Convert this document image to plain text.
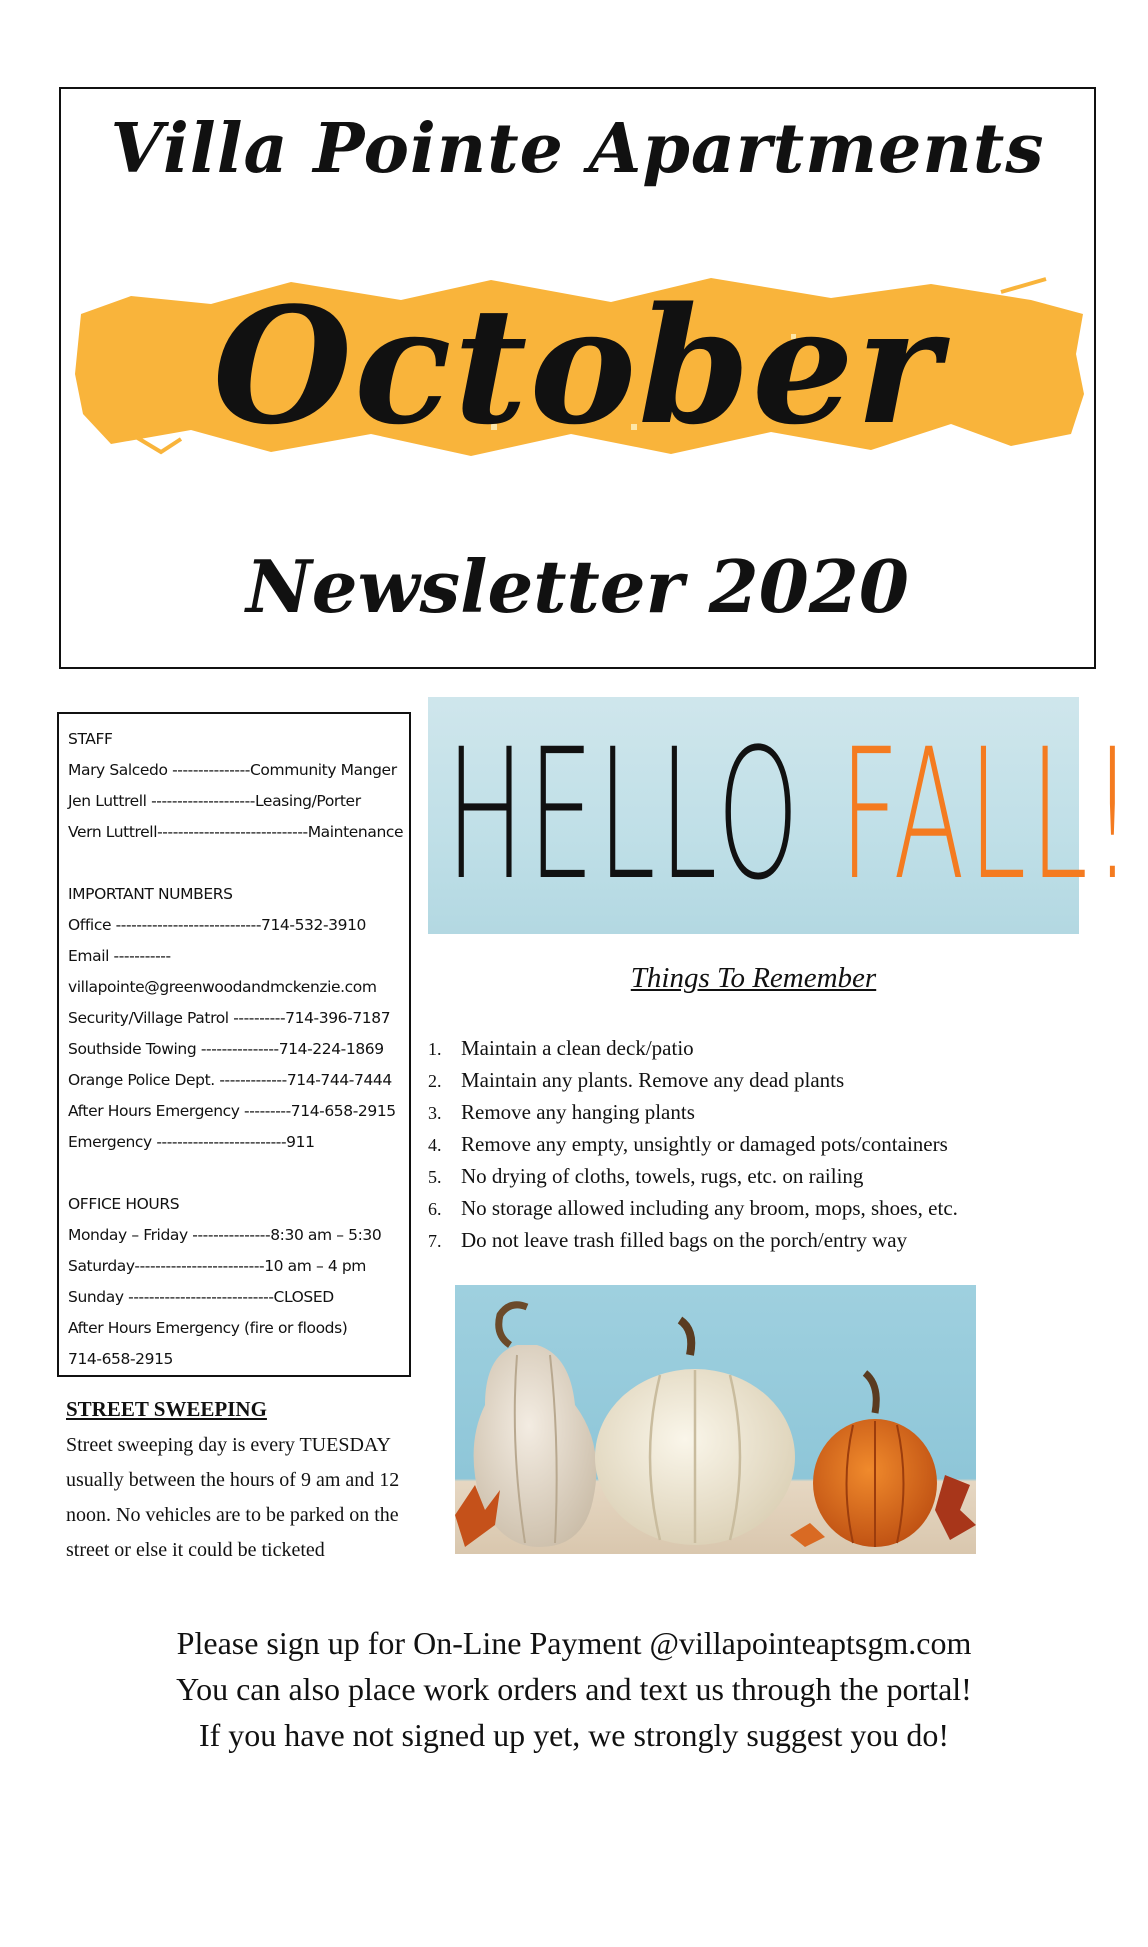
Villa Pointe Apartments
October
Newsletter 2020
STAFF
Mary Salcedo ---------------Community Manger
Jen Luttrell --------------------Leasing/Porter
Vern Luttrell-----------------------------Maintenance
IMPORTANT NUMBERS
Office ----------------------------714-532-3910
Email -----------
villapointe@greenwoodandmckenzie.com
Security/Village Patrol ----------714-396-7187
Southside Towing ---------------714-224-1869
Orange Police Dept. -------------714-744-7444
After Hours Emergency ---------714-658-2915
Emergency -------------------------911
OFFICE HOURS
Monday – Friday ---------------8:30 am – 5:30
Saturday-------------------------10 am – 4 pm
Sunday ----------------------------CLOSED
After Hours Emergency (fire or floods)
714-658-2915
STREET SWEEPING
Street sweeping day is every TUESDAY usually between the hours of 9 am and 12 noon. No vehicles are to be parked on the street or else it could be ticketed
HELLO FALL!
Things To Remember
1. Maintain a clean deck/patio
2. Maintain any plants. Remove any dead plants
3. Remove any hanging plants
4. Remove any empty, unsightly or damaged pots/containers
5. No drying of cloths, towels, rugs, etc. on railing
6. No storage allowed including any broom, mops, shoes, etc.
7. Do not leave trash filled bags on the porch/entry way
Please sign up for On-Line Payment @villapointeaptsgm.com
You can also place work orders and text us through the portal!
If you have not signed up yet, we strongly suggest you do!
